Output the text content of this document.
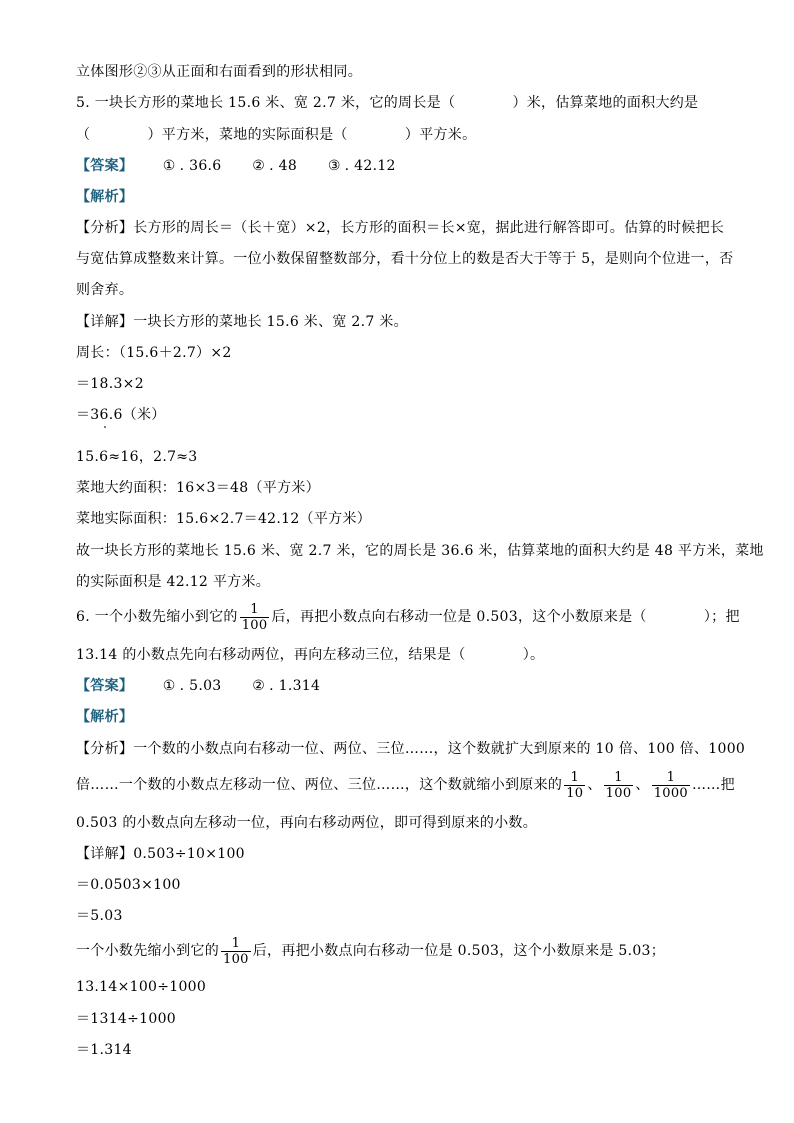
立体图形②③从正面和右面看到的形状相同。
5. 一块长方形的菜地长 15.6 米、宽 2.7 米，它的周长是（　　　　）米，估算菜地的面积大约是
（　　　　）平方米，菜地的实际面积是（　　　　）平方米。
【答案】 ① . 36.6 ② . 48 ③ . 42.12
【解析】
【分析】长方形的周长＝（长＋宽）×2，长方形的面积＝长×宽，据此进行解答即可。估算的时候把长
与宽估算成整数来计算。一位小数保留整数部分，看十分位上的数是否大于等于 5，是则向个位进一，否
则舍弃。
【详解】一块长方形的菜地长 15.6 米、宽 2.7 米。
周长：（15.6＋2.7）×2
＝18.3×2
＝36.6（米）
15.6≈16，2.7≈3
菜地大约面积：16×3＝48（平方米）
菜地实际面积：15.6×2.7＝42.12（平方米）
故一块长方形的菜地长 15.6 米、宽 2.7 米，它的周长是 36.6 米，估算菜地的面积大约是 48 平方米，菜地
的实际面积是 42.12 平方米。
6. 一个小数先缩小到它的 $\frac{1}{100}$ 后，再把小数点向右移动一位是 0.503，这个小数原来是（　　　　）；把
13.14 的小数点先向右移动两位，再向左移动三位，结果是（　　　　）。
【答案】 ① . 5.03 ② . 1.314
【解析】
【分析】一个数的小数点向右移动一位、两位、三位……，这个数就扩大到原来的 10 倍、100 倍、1000
倍……一个数的小数点左移动一位、两位、三位……，这个数就缩小到原来的 $\frac{1}{10}$ 、 $\frac{1}{100}$ 、 $\frac{1}{1000}$ ……把
0.503 的小数点向左移动一位，再向右移动两位，即可得到原来的小数。
【详解】0.503÷10×100
＝0.0503×100
＝5.03
一个小数先缩小到它的 $\frac{1}{100}$ 后，再把小数点向右移动一位是 0.503，这个小数原来是 5.03；
13.14×100÷1000
＝1314÷1000
＝1.314
